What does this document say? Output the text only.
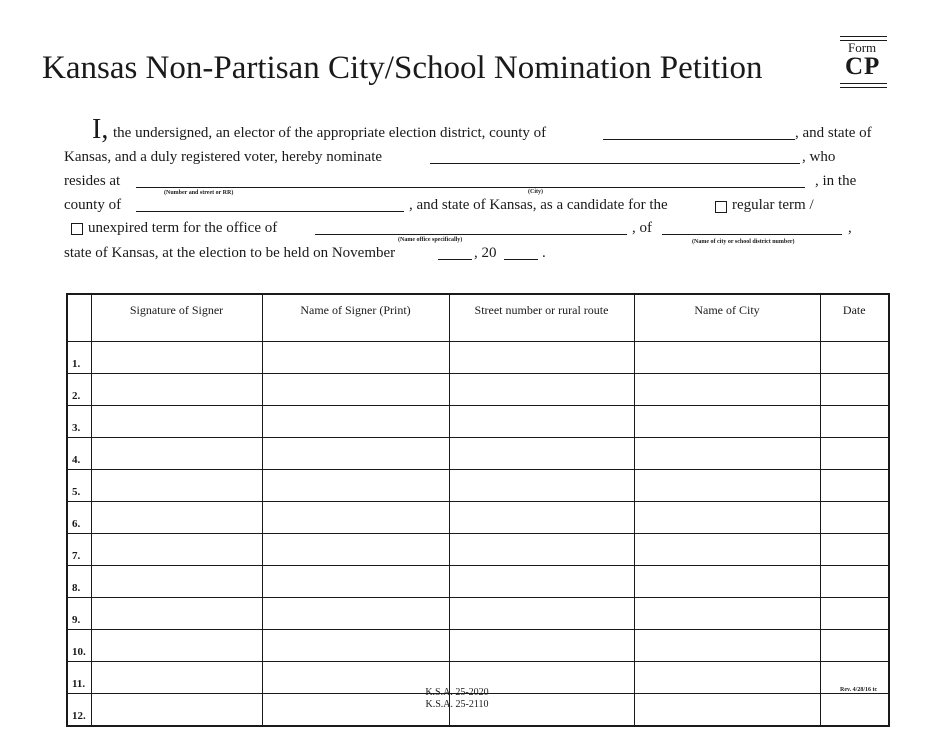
Kansas Non-Partisan City/School Nomination Petition
Form
CP
I, the undersigned, an elector of the appropriate election district, county of	, and state of
Kansas, and a duly registered voter, hereby nominate	, who
resides at
(Number and street or RR)	(City)
, in the
county of	, and state of Kansas, as a candidate for the	regular term /
unexpired term for the office of
(Name office specifically)
, of
(Name of city or school district number)
,
state of Kansas, at the election to be held on November	, 20	.
	Signature of Signer	Name of Signer (Print)	Street number or rural route	Name of City	Date
1.					
2.					
3.					
4.					
5.					
6.					
7.					
8.					
9.					
10.					
11.					
12.					
K.S.A. 25-2020
K.S.A. 25-2110
Rev. 4/28/16 tc
